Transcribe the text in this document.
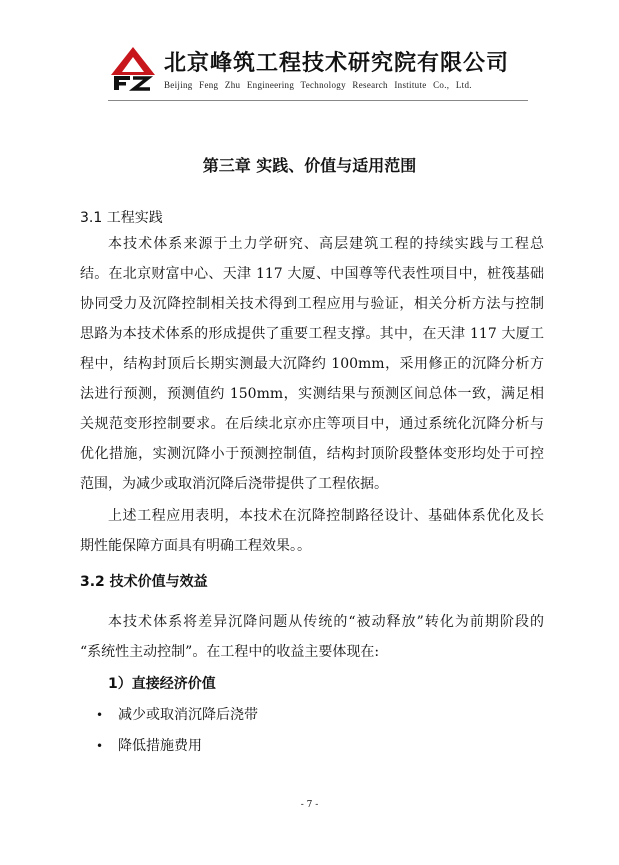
北京峰筑工程技术研究院有限公司
Beijing Feng Zhu Engineering Technology Research Institute Co., Ltd.
第三章 实践、价值与适用范围
3.1 工程实践
本技术体系来源于土力学研究、高层建筑工程的持续实践与工程总
结。在北京财富中心、天津 117 大厦、中国尊等代表性项目中，桩筏基础
协同受力及沉降控制相关技术得到工程应用与验证，相关分析方法与控制
思路为本技术体系的形成提供了重要工程支撑。其中，在天津 117 大厦工
程中，结构封顶后长期实测最大沉降约 100mm，采用修正的沉降分析方
法进行预测，预测值约 150mm，实测结果与预测区间总体一致，满足相
关规范变形控制要求。在后续北京亦庄等项目中，通过系统化沉降分析与
优化措施，实测沉降小于预测控制值，结构封顶阶段整体变形均处于可控
范围，为减少或取消沉降后浇带提供了工程依据。
上述工程应用表明，本技术在沉降控制路径设计、基础体系优化及长
期性能保障方面具有明确工程效果。。
3.2 技术价值与效益
本技术体系将差异沉降问题从传统的“被动释放”转化为前期阶段的
“系统性主动控制”。在工程中的收益主要体现在:
1）直接经济价值
• 减少或取消沉降后浇带
• 降低措施费用
- 7 -
